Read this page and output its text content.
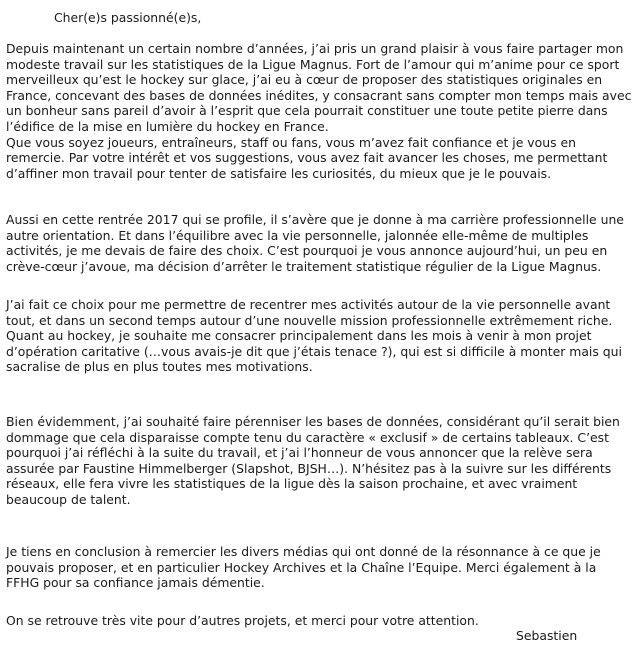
Cher(e)s passionné(e)s,
Depuis maintenant un certain nombre d’années, j’ai pris un grand plaisir à vous faire partager mon
modeste travail sur les statistiques de la Ligue Magnus. Fort de l’amour qui m’anime pour ce sport
merveilleux qu’est le hockey sur glace, j’ai eu à cœur de proposer des statistiques originales en
France, concevant des bases de données inédites, y consacrant sans compter mon temps mais avec
un bonheur sans pareil d’avoir à l’esprit que cela pourrait constituer une toute petite pierre dans
l’édifice de la mise en lumière du hockey en France.
Que vous soyez joueurs, entraîneurs, staff ou fans, vous m’avez fait confiance et je vous en
remercie. Par votre intérêt et vos suggestions, vous avez fait avancer les choses, me permettant
d’affiner mon travail pour tenter de satisfaire les curiosités, du mieux que je le pouvais.
Aussi en cette rentrée 2017 qui se profile, il s’avère que je donne à ma carrière professionnelle une
autre orientation. Et dans l’équilibre avec la vie personnelle, jalonnée elle-même de multiples
activités, je me devais de faire des choix. C’est pourquoi je vous annonce aujourd’hui, un peu en
crève-cœur j’avoue, ma décision d’arrêter le traitement statistique régulier de la Ligue Magnus.
J’ai fait ce choix pour me permettre de recentrer mes activités autour de la vie personnelle avant
tout, et dans un second temps autour d’une nouvelle mission professionnelle extrêmement riche.
Quant au hockey, je souhaite me consacrer principalement dans les mois à venir à mon projet
d’opération caritative (…vous avais-je dit que j’étais tenace ?), qui est si difficile à monter mais qui
sacralise de plus en plus toutes mes motivations.
Bien évidemment, j’ai souhaité faire pérenniser les bases de données, considérant qu’il serait bien
dommage que cela disparaisse compte tenu du caractère « exclusif » de certains tableaux. C’est
pourquoi j’ai réfléchi à la suite du travail, et j’ai l’honneur de vous annoncer que la relève sera
assurée par Faustine Himmelberger (Slapshot, BJSH…). N’hésitez pas à la suivre sur les différents
réseaux, elle fera vivre les statistiques de la ligue dès la saison prochaine, et avec vraiment
beaucoup de talent.
Je tiens en conclusion à remercier les divers médias qui ont donné de la résonnance à ce que je
pouvais proposer, et en particulier Hockey Archives et la Chaîne l’Equipe. Merci également à la
FFHG pour sa confiance jamais démentie.
On se retrouve très vite pour d’autres projets, et merci pour votre attention.
Sebastien
